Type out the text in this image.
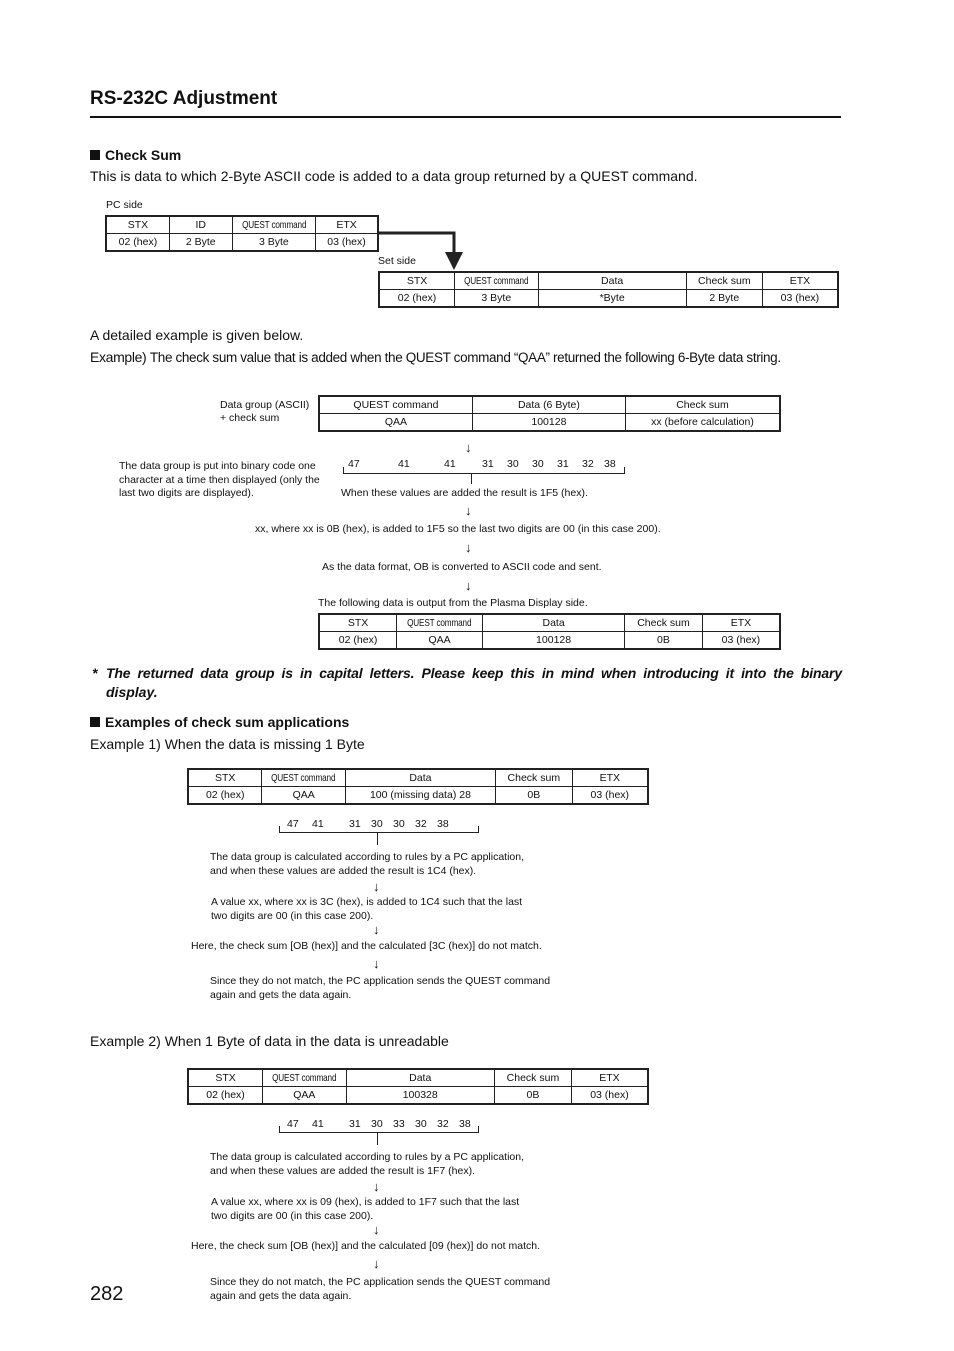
RS-232C Adjustment
Check Sum
This is data to which 2-Byte ASCII code is added to a data group returned by a QUEST command.
PC side
STX	ID	QUEST command	ETX
02 (hex)	2 Byte	3 Byte	03 (hex)
Set side
STX	QUEST command	Data	Check sum	ETX
02 (hex)	3 Byte	*Byte	2 Byte	03 (hex)
A detailed example is given below.
Example) The check sum value that is added when the QUEST command “QAA” returned the following 6-Byte data string.
Data group (ASCII)
+ check sum
QUEST command	Data (6 Byte)	Check sum
QAA	100128	xx (before calculation)
↓
The data group is put into binary code one
character at a time then displayed (only the
last two digits are displayed).
47	41	41	31 30 30 31 32 38
When these values are added the result is 1F5 (hex).
↓
xx, where xx is 0B (hex), is added to 1F5 so the last two digits are 00 (in this case 200).
↓
As the data format, OB is converted to ASCII code and sent.
↓
The following data is output from the Plasma Display side.
STX	QUEST command	Data	Check sum	ETX
02 (hex)	QAA	100128	0B	03 (hex)
* The returned data group is in capital letters. Please keep this in mind when introducing it into the binary
display.
Examples of check sum applications
Example 1) When the data is missing 1 Byte
STX	QUEST command	Data	Check sum	ETX
02 (hex)	QAA	100 (missing data) 28	0B	03 (hex)
47 41 31 30 30 32 38
The data group is calculated according to rules by a PC application,
and when these values are added the result is 1C4 (hex).
↓
A value xx, where xx is 3C (hex), is added to 1C4 such that the last
two digits are 00 (in this case 200).
↓
Here, the check sum [OB (hex)] and the calculated [3C (hex)] do not match.
↓
Since they do not match, the PC application sends the QUEST command
again and gets the data again.
Example 2) When 1 Byte of data in the data is unreadable
STX	QUEST command	Data	Check sum	ETX
02 (hex)	QAA	100328	0B	03 (hex)
47 41 31 30 33 30 32 38
The data group is calculated according to rules by a PC application,
and when these values are added the result is 1F7 (hex).
↓
A value xx, where xx is 09 (hex), is added to 1F7 such that the last
two digits are 00 (in this case 200).
↓
Here, the check sum [OB (hex)] and the calculated [09 (hex)] do not match.
↓
Since they do not match, the PC application sends the QUEST command
again and gets the data again.
282
